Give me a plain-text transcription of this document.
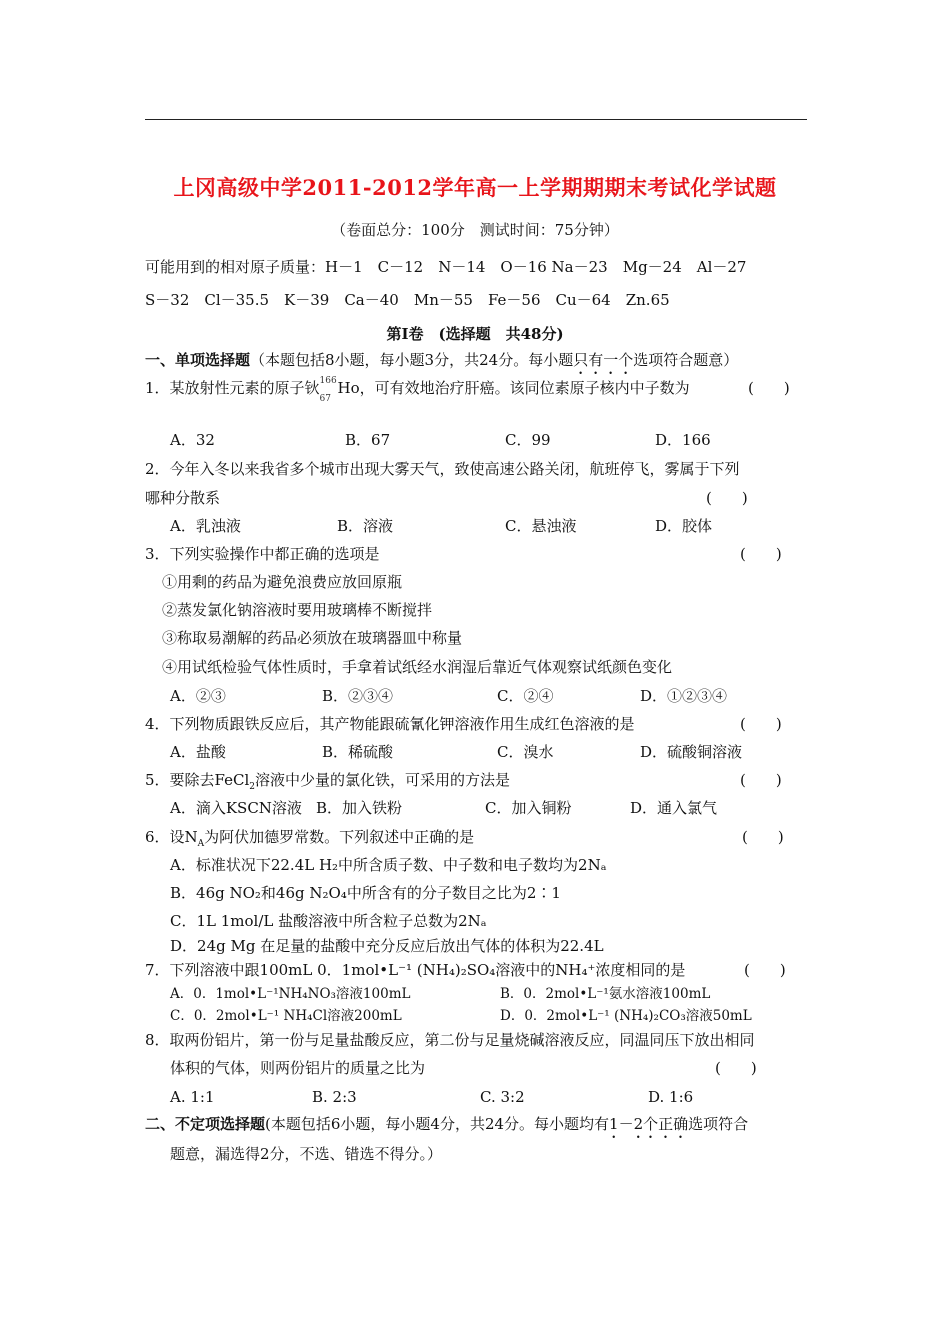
上冈高级中学2011-2012学年高一上学期期期末考试化学试题
（卷面总分：100分　测试时间：75分钟）
可能用到的相对原子质量：H－1　C－12　N－14　O－16 Na－23　Mg－24　Al－27
S－32　Cl－35.5　K－39　Ca－40　Mn－55　Fe－56　Cu－64　Zn.65
第Ⅰ卷　(选择题　共48分)
一、单项选择题（本题包括8小题，每小题3分，共24分。每小题只有一个选项符合题意）
1．某放射性元素的原子钬 166
67
Ho，可有效地治疗肝癌。该同位素原子核内中子数为	(　　)
A．32	B．67	C．99	D．166
2．今年入冬以来我省多个城市出现大雾天气，致使高速公路关闭，航班停飞，雾属于下列
哪种分散系	(　　)
A．乳浊液	B．溶液	C．悬浊液	D．胶体
3．下列实验操作中都正确的选项是	(　　)
①用剩的药品为避免浪费应放回原瓶
②蒸发氯化钠溶液时要用玻璃棒不断搅拌
③称取易潮解的药品必须放在玻璃器皿中称量
④用试纸检验气体性质时，手拿着试纸经水润湿后靠近气体观察试纸颜色变化
A．②③	B．②③④	C．②④	D．①②③④
4．下列物质跟铁反应后，其产物能跟硫氰化钾溶液作用生成红色溶液的是	(　　)
A．盐酸	B．稀硫酸	C．溴水	D．硫酸铜溶液
5．要除去FeCl$_2$溶液中少量的氯化铁，可采用的方法是	(　　)
A．滴入KSCN溶液 B．加入铁粉	C．加入铜粉	D．通入氯气
6．设$N_A$为阿伏加德罗常数。下列叙述中正确的是	(　　)
A．标准状况下22.4L H₂中所含质子数、中子数和电子数均为2Nₐ
B．46g NO₂和46g N₂O₄中所含有的分子数目之比为2∶1
C．1L 1mol/L 盐酸溶液中所含粒子总数为2Nₐ
D．24g Mg 在足量的盐酸中充分反应后放出气体的体积为22.4L
7．下列溶液中跟100mL 0．1mol•L⁻¹ (NH₄)₂SO₄溶液中的NH₄⁺浓度相同的是	(　　)
A．0．1mol•L⁻¹NH₄NO₃溶液100mL	B．0．2mol•L⁻¹氨水溶液100mL
C．0．2mol•L⁻¹ NH₄Cl溶液200mL	D．0．2mol•L⁻¹ (NH₄)₂CO₃溶液50mL
8．取两份铝片，第一份与足量盐酸反应，第二份与足量烧碱溶液反应，同温同压下放出相同
体积的气体，则两份铝片的质量之比为	(　　)
A. 1:1	B. 2:3	C. 3:2	D. 1:6
二、不定项选择题(本题包括6小题，每小题4分，共24分。每小题均有1－2个正确选项符合
题意，漏选得2分，不选、错选不得分。）
